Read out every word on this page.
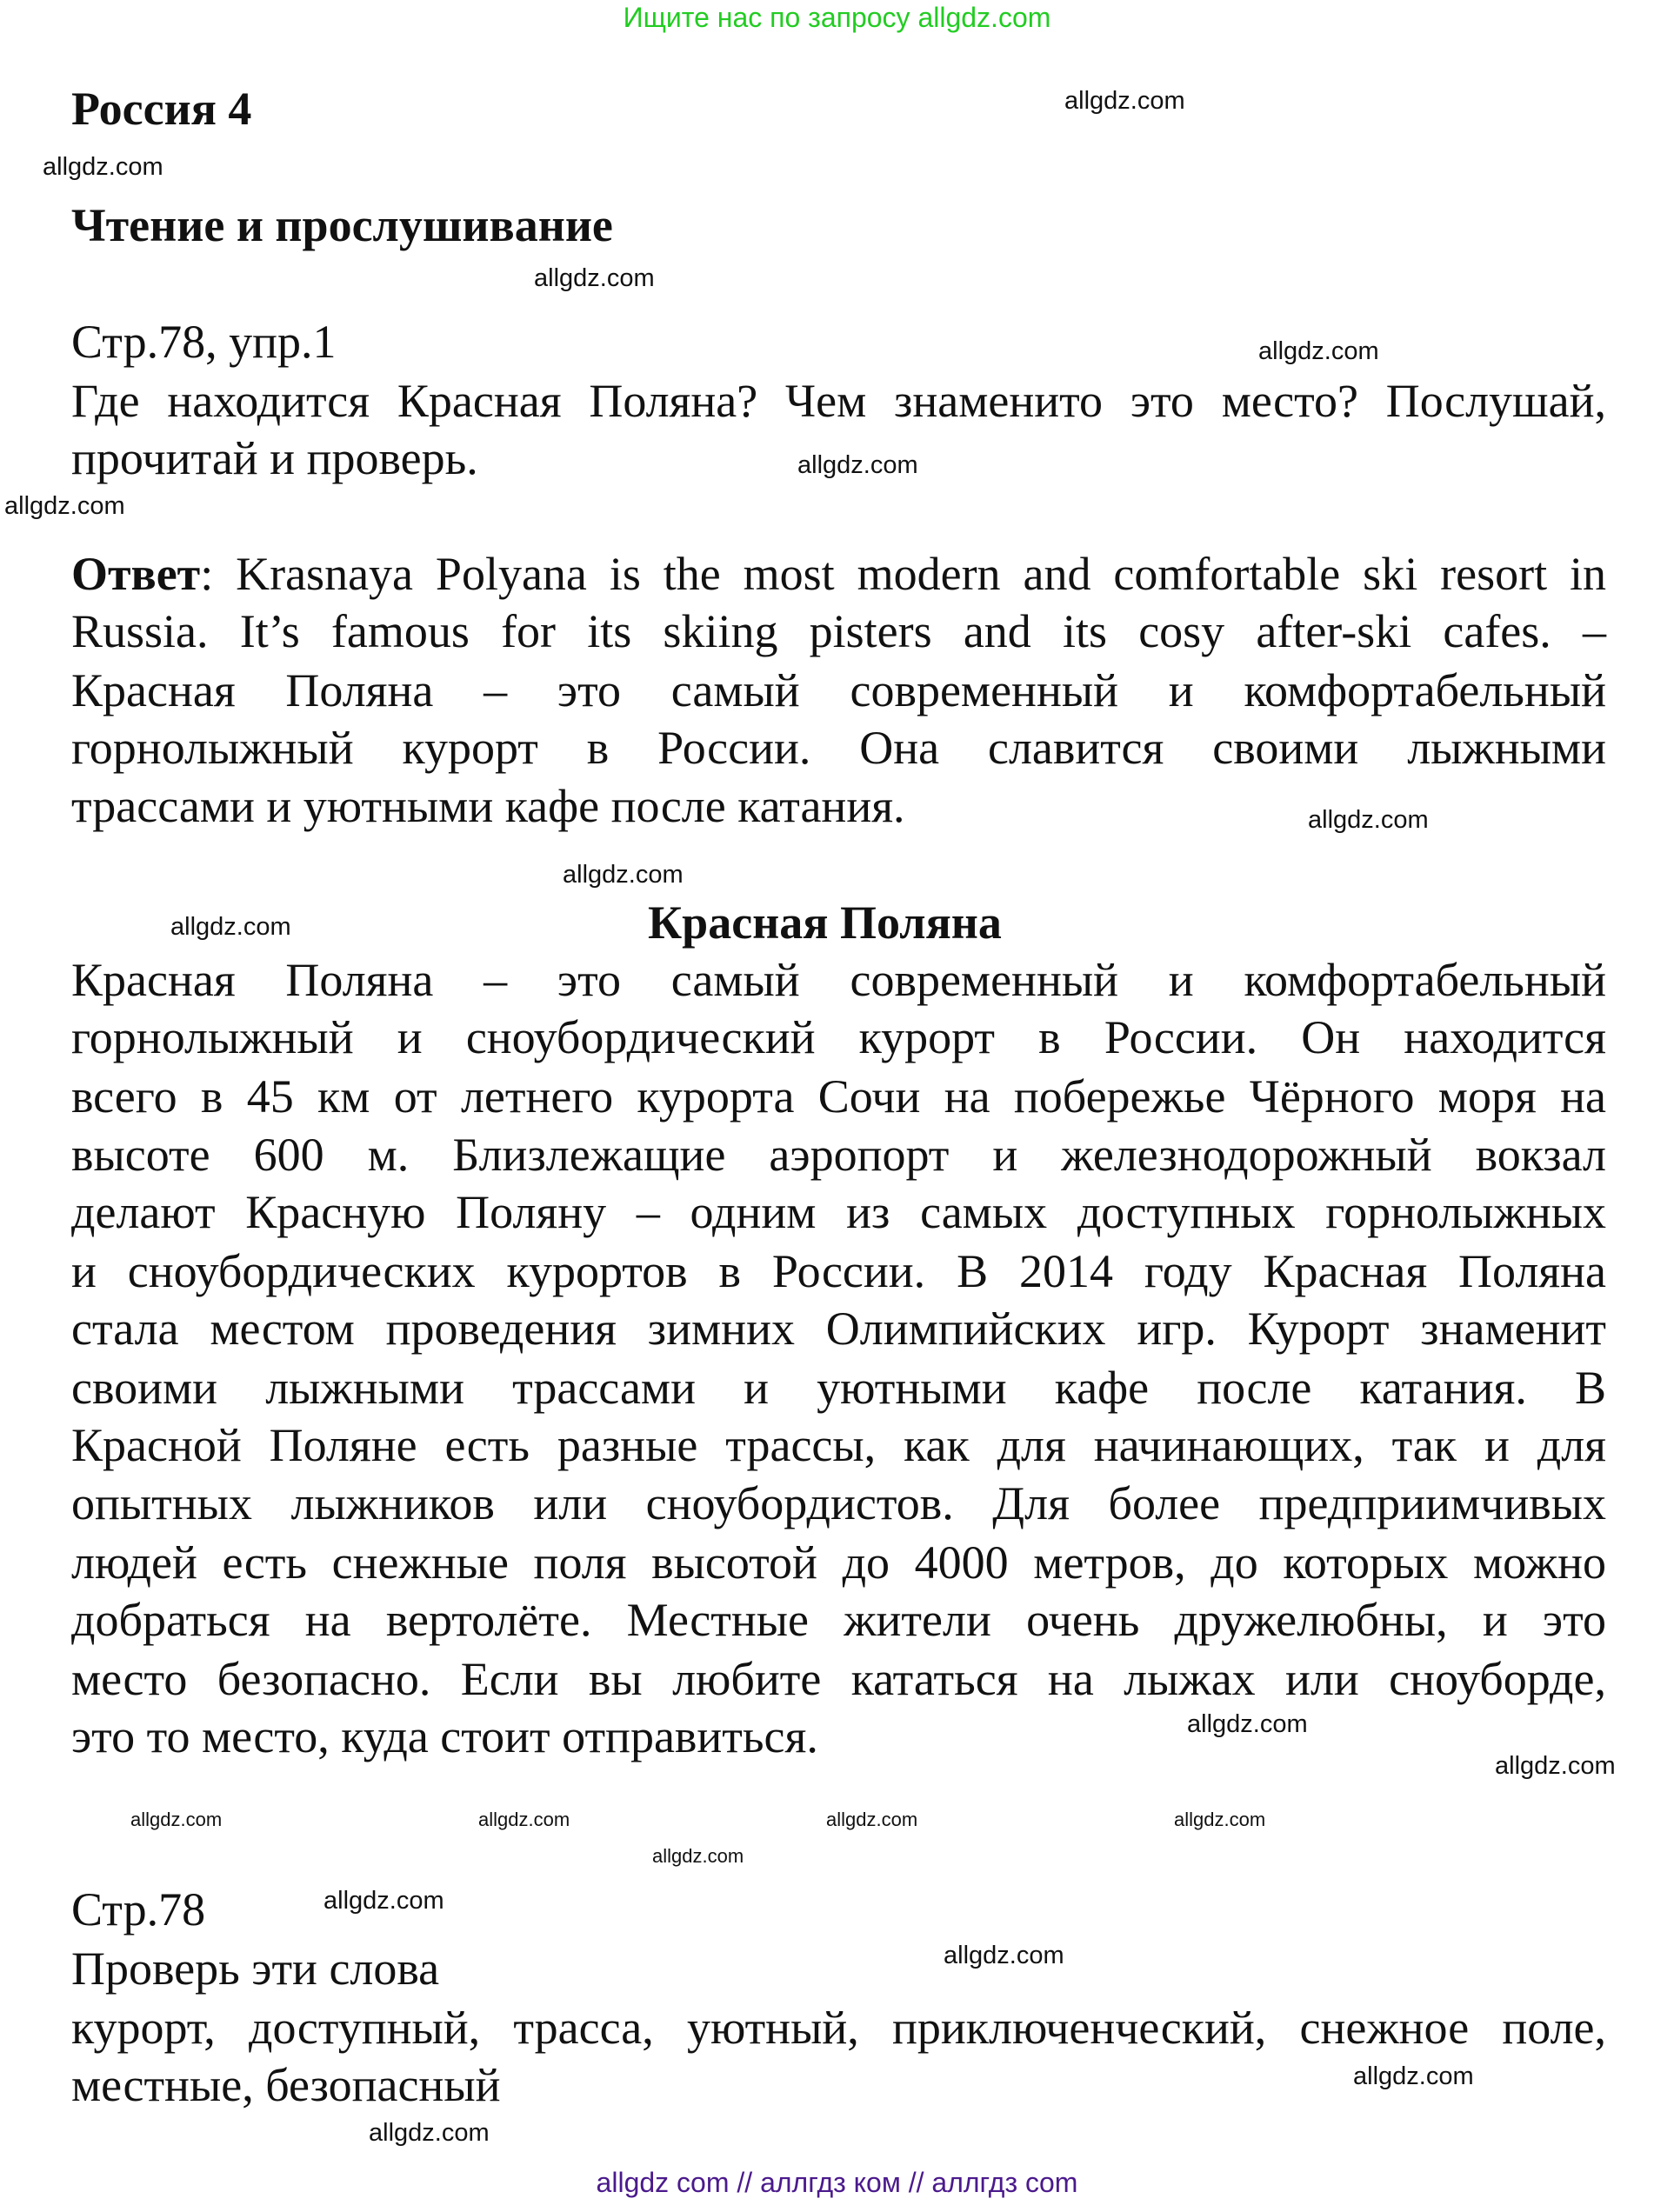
Ищите нас по запросу allgdz.com
Россия 4
Чтение и прослушивание
Стр.78, упр.1
Где находится Красная Поляна? Чем знаменито это место? Послушай,
прочитай и проверь.
Ответ: Krasnaya Polyana is the most modern and comfortable ski resort in
Russia. It’s famous for its skiing pisters and its cosy after-ski cafes. –
Красная Поляна – это самый современный и комфортабельный
горнолыжный курорт в России. Она славится своими лыжными
трассами и уютными кафе после катания.
Красная Поляна
Красная Поляна – это самый современный и комфортабельный
горнолыжный и сноубордический курорт в России. Он находится
всего в 45 км от летнего курорта Сочи на побережье Чёрного моря на
высоте 600 м. Близлежащие аэропорт и железнодорожный вокзал
делают Красную Поляну – одним из самых доступных горнолыжных
и сноубордических курортов в России. В 2014 году Красная Поляна
стала местом проведения зимних Олимпийских игр. Курорт знаменит
своими лыжными трассами и уютными кафе после катания. В
Красной Поляне есть разные трассы, как для начинающих, так и для
опытных лыжников или сноубордистов. Для более предприимчивых
людей есть снежные поля высотой до 4000 метров, до которых можно
добраться на вертолёте. Местные жители очень дружелюбны, и это
место безопасно. Если вы любите кататься на лыжах или сноуборде,
это то место, куда стоит отправиться.
Стр.78
Проверь эти слова
курорт, доступный, трасса, уютный, приключенческий, снежное поле,
местные, безопасный
allgdz.com
allgdz.com
allgdz.com
allgdz.com
allgdz.com
allgdz.com
allgdz.com
allgdz.com
allgdz.com
allgdz.com	allgdz.com	allgdz.com	allgdz.com
allgdz.com
allgdz.com
allgdz.com
allgdz.com
allgdz.com
allgdz.com
allgdz.com
allgdz com // аллгдз ком // аллгдз com
